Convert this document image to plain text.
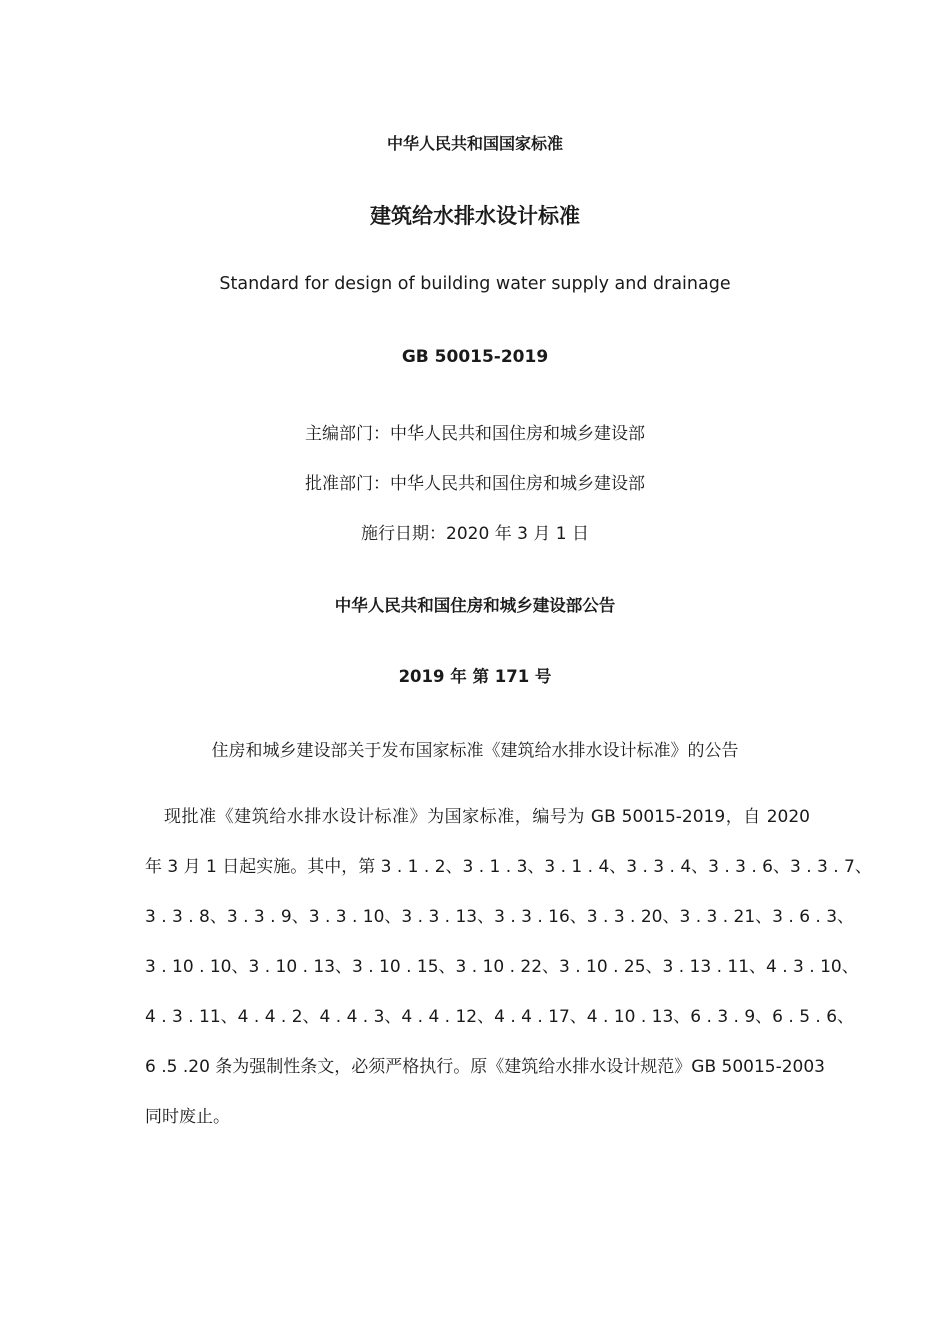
中华人民共和国国家标准
建筑给水排水设计标准
Standard for design of building water supply and drainage
GB 50015-2019
主编部门：中华人民共和国住房和城乡建设部
批准部门：中华人民共和国住房和城乡建设部
施行日期：2020 年 3 月 1 日
中华人民共和国住房和城乡建设部公告
2019 年 第 171 号
住房和城乡建设部关于发布国家标准《建筑给水排水设计标准》的公告
现批准《建筑给水排水设计标准》为国家标准，编号为 GB 50015-2019，自 2020
年 3 月 1 日起实施。其中，第 3 . 1 . 2、3 . 1 . 3、3 . 1 . 4、3 . 3 . 4、3 . 3 . 6、3 . 3 . 7、
3 . 3 . 8、3 . 3 . 9、3 . 3 . 10、3 . 3 . 13、3 . 3 . 16、3 . 3 . 20、3 . 3 . 21、3 . 6 . 3、
3 . 10 . 10、3 . 10 . 13、3 . 10 . 15、3 . 10 . 22、3 . 10 . 25、3 . 13 . 11、4 . 3 . 10、
4 . 3 . 11、4 . 4 . 2、4 . 4 . 3、4 . 4 . 12、4 . 4 . 17、4 . 10 . 13、6 . 3 . 9、6 . 5 . 6、
6 .5 .20 条为强制性条文，必须严格执行。原《建筑给水排水设计规范》GB 50015-2003
同时废止。
